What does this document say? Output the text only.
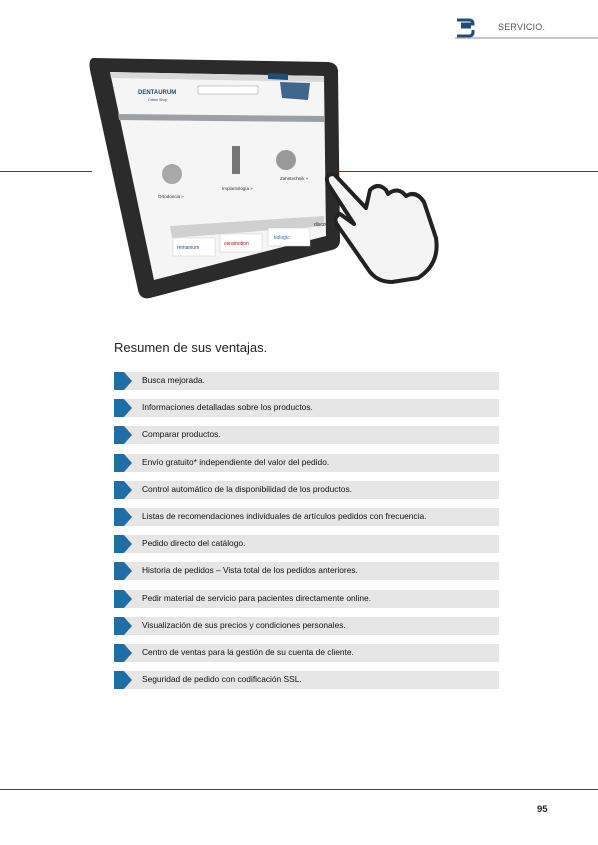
SERVICIO.
DENTAURUM
Online Shop
Ortodoncia »
Implantología »
Zahntechnik »
remanium
ceramotion
tiologic
discovery
Resumen de sus ventajas.
Busca mejorada.
Informaciones detalladas sobre los productos.
Comparar productos.
Envío gratuito* independiente del valor del pedido.
Control automático de la disponibilidad de los productos.
Listas de recomendaciones individuales de artículos pedidos con frecuencia.
Pedido directo del catálogo.
Historia de pedidos – Vista total de los pedidos anteriores.
Pedir material de servicio para pacientes directamente online.
Visualización de sus precios y condiciones personales.
Centro de ventas para la gestión de su cuenta de cliente.
Seguridad de pedido con codificación SSL.
95
